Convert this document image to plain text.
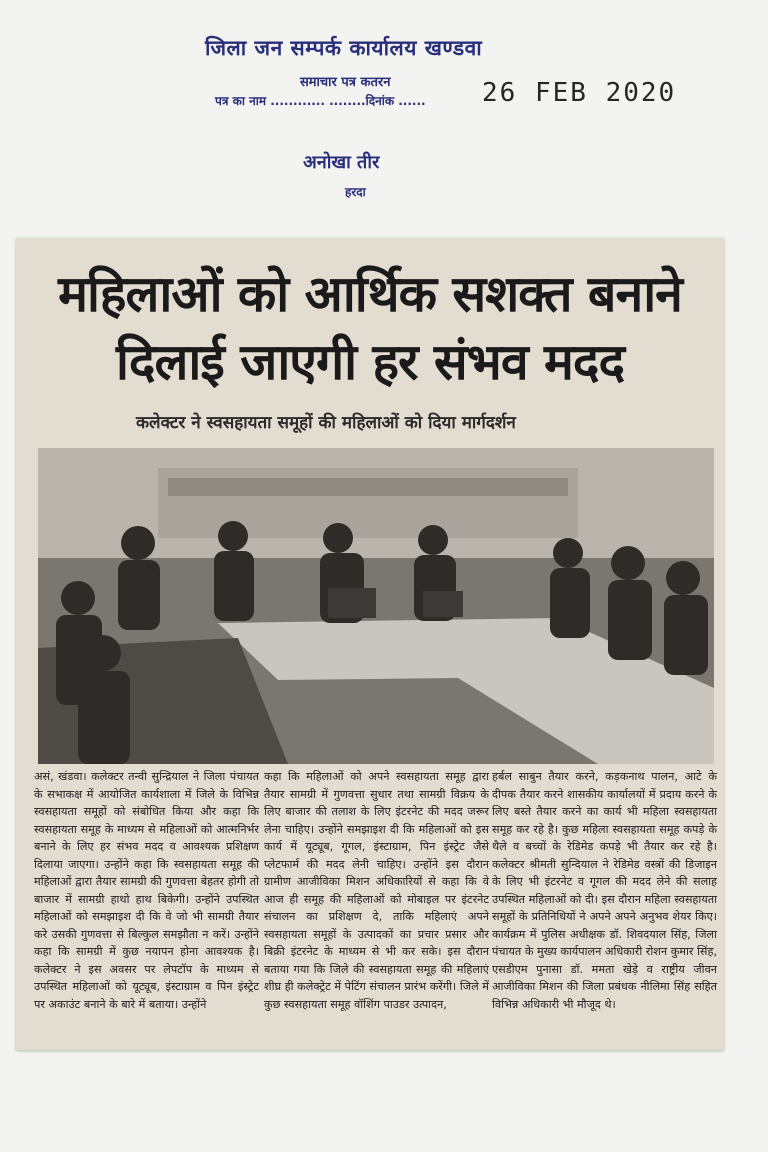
जिला जन सम्पर्क कार्यालय खण्डवा
समाचार पत्र कतरन
पत्र का नाम ............ ........दिनांक ...... 26 FEB 2020
अनोखा तीर
हरदा
महिलाओं को आर्थिक सशक्त बनाने
दिलाई जाएगी हर संभव मदद
कलेक्टर ने स्वसहायता समूहों की महिलाओं को दिया मार्गदर्शन

असं, खंडवा। कलेक्टर तन्वी सुन्द्रियाल ने जिला पंचायत के सभाकक्ष में आयोजित कार्यशाला में जिले के विभिन्न स्वसहायता समूहों को संबोधित किया और कहा कि स्वसहायता समूह के माध्यम से महिलाओं को आत्मनिर्भर बनाने के लिए हर संभव मदद व आवश्यक प्रशिक्षण दिलाया जाएगा। उन्होंने कहा कि स्वसहायता समूह की महिलाओं द्वारा तैयार सामग्री की गुणवत्ता बेहतर होगी तो बाजार में सामग्री हाथो हाथ बिकेगी। उन्होंने उपस्थित महिलाओं को समझाइश दी कि वे जो भी सामग्री तैयार करे उसकी गुणवत्ता से बिल्कुल समझौता न करें। उन्होंने कहा कि सामग्री में कुछ नयापन होना आवश्यक है। कलेक्टर ने इस अवसर पर लेपटॉप के माध्यम से उपस्थित महिलाओं को यूट्यूब, इंस्टाग्राम व पिन इंस्ट्रेट पर अकाउंट बनाने के बारे में बताया। उन्होंने

कहा कि महिलाओं को अपने स्वसहायता समूह द्वारा तैयार सामग्री में गुणवत्ता सुधार तथा सामग्री विक्रय के लिए बाजार की तलाश के लिए इंटरनेट की मदद जरूर लेना चाहिए। उन्होंने समझाइश दी कि महिलाओं को इस कार्य में यूट्यूब, गूगल, इंस्टाग्राम, पिन इंस्ट्रेट जैसे प्लेटफार्म की मदद लेनी चाहिए। उन्होंने इस दौरान ग्रामीण आजीविका मिशन अधिकारियों से कहा कि वे आज ही समूह की महिलाओं को मोबाइल पर इंटरनेट संचालन का प्रशिक्षण दे, ताकि महिलाएं अपने स्वसहायता समूहों के उत्पादकों का प्रचार प्रसार और बिक्री इंटरनेट के माध्यम से भी कर सके। इस दौरान बताया गया कि जिले की स्वसहायता समूह की महिलाएं शीघ्र ही कलेक्ट्रेट में पेटिंग संचालन प्रारंभ करेंगी। जिले में कुछ स्वसहायता समूह वॉशिंग पाउडर उत्पादन,

हर्बल साबुन तैयार करने, कड़कनाथ पालन, आटे के दीपक तैयार करने शासकीय कार्यालयों में प्रदाय करने के लिए बस्ते तैयार करने का कार्य भी महिला स्वसहायता समूह कर रहे है। कुछ महिला स्वसहायता समूह कपड़े के थैले व बच्चों के रेडिमेड कपड़े भी तैयार कर रहे है। कलेक्टर श्रीमती सुन्दियाल ने रेडिमेड वस्त्रों की डिजाइन के लिए भी इंटरनेट व गूगल की मदद लेने की सलाह उपस्थित महिलाओं को दी। इस दौरान महिला स्वसहायता समूहों के प्रतिनिधियों ने अपने अपने अनुभव शेयर किए। कार्यक्रम में पुलिस अधीक्षक डॉ. शिवदयाल सिंह, जिला पंचायत के मुख्य कार्यपालन अधिकारी रोशन कुमार सिंह, एसडीएम पुनासा डॉ. ममता खेड़े व राष्ट्रीय जीवन आजीविका मिशन की जिला प्रबंधक नीलिमा सिंह सहित विभिन्न अधिकारी भी मौजूद थे।
